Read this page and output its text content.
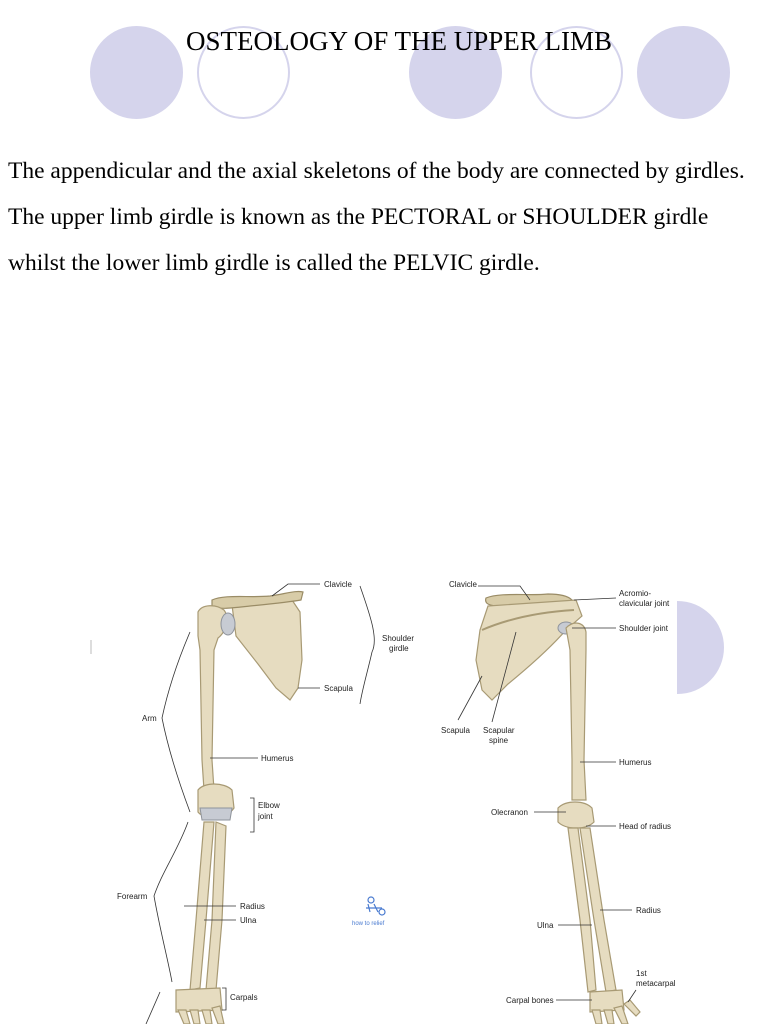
OSTEOLOGY OF THE UPPER LIMB

The appendicular and the axial skeletons of the body are connected by girdles. The upper limb girdle is known as the PECTORAL or SHOULDER girdle whilst the lower limb girdle is called the PELVIC girdle.

Clavicle
Shoulder
girdle
Scapula
Arm
Humerus
Elbow
joint
Forearm
Radius
Ulna
Carpals
how to relief
Clavicle
Acromio-
clavicular joint
Shoulder joint
Scapula Scapular
spine
Humerus
Olecranon
Head of radius
Radius
Ulna
1st
metacarpal
Carpal bones
